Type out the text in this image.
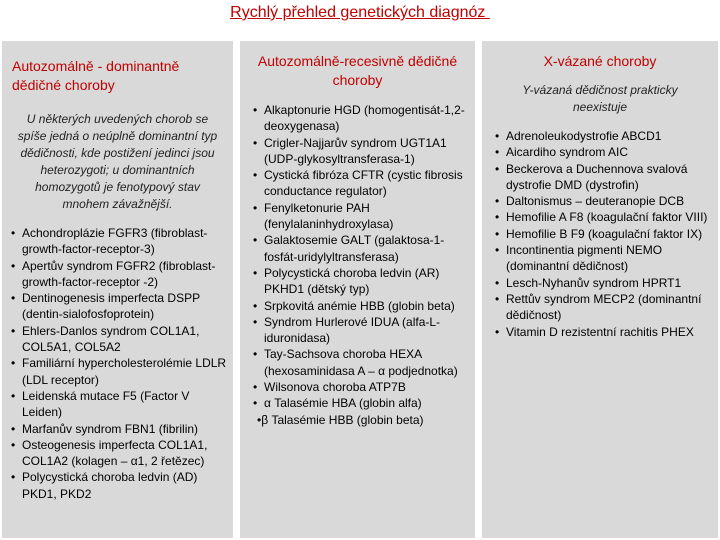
Rychlý přehled genetických diagnóz
Autozomálně - dominantně dědičné choroby
U některých uvedených chorob se spíše jedná o neúplně dominantní typ dědičnosti, kde postižení jedinci jsou heterozygoti; u dominantních homozygotů je fenotypový stav mnohem závažnější.
• Achondroplázie FGFR3 (fibroblast-growth-factor-receptor-3)
• Apertův syndrom FGFR2 (fibroblast-growth-factor-receptor -2)
• Dentinogenesis imperfecta DSPP (dentin-sialofosfoprotein)
• Ehlers-Danlos syndrom COL1A1, COL5A1, COL5A2
• Familiární hypercholesterolémie LDLR (LDL receptor)
• Leidenská mutace F5 (Factor V Leiden)
• Marfanův syndrom FBN1 (fibrilin)
• Osteogenesis imperfecta COL1A1, COL1A2 (kolagen – α1, 2 řetězec)
• Polycystická choroba ledvin (AD) PKD1, PKD2
Autozomálně-recesivně dědičné choroby
• Alkaptonurie HGD (homogentisát-1,2-deoxygenasa)
• Crigler-Najjarův syndrom UGT1A1 (UDP-glykosyltransferasa-1)
• Cystická fibróza CFTR (cystic fibrosis conductance regulator)
• Fenylketonurie PAH (fenylalaninhydroxylasa)
• Galaktosemie GALT (galaktosa-1-fosfát-uridylyltransferasa)
• Polycystická choroba ledvin (AR) PKHD1 (dětský typ)
• Srpkovitá anémie HBB (globin beta)
• Syndrom Hurlerové IDUA (alfa-L-iduronidasa)
• Tay-Sachsova choroba HEXA (hexosaminidasa A – α podjednotka)
• Wilsonova choroba ATP7B
• α Talasémie HBA (globin alfa)
•β Talasémie HBB (globin beta)
X-vázané choroby
Y-vázaná dědičnost prakticky neexistuje
• Adrenoleukodystrofie ABCD1
• Aicardiho syndrom AIC
• Beckerova a Duchennova svalová dystrofie DMD (dystrofin)
• Daltonismus – deuteranopie DCB
• Hemofilie A F8 (koagulační faktor VIII)
• Hemofilie B F9 (koagulační faktor IX)
• Incontinentia pigmenti NEMO (dominantní dědičnost)
• Lesch-Nyhanův syndrom HPRT1
• Rettův syndrom MECP2 (dominantní dědičnost)
• Vitamin D rezistentní rachitis PHEX
